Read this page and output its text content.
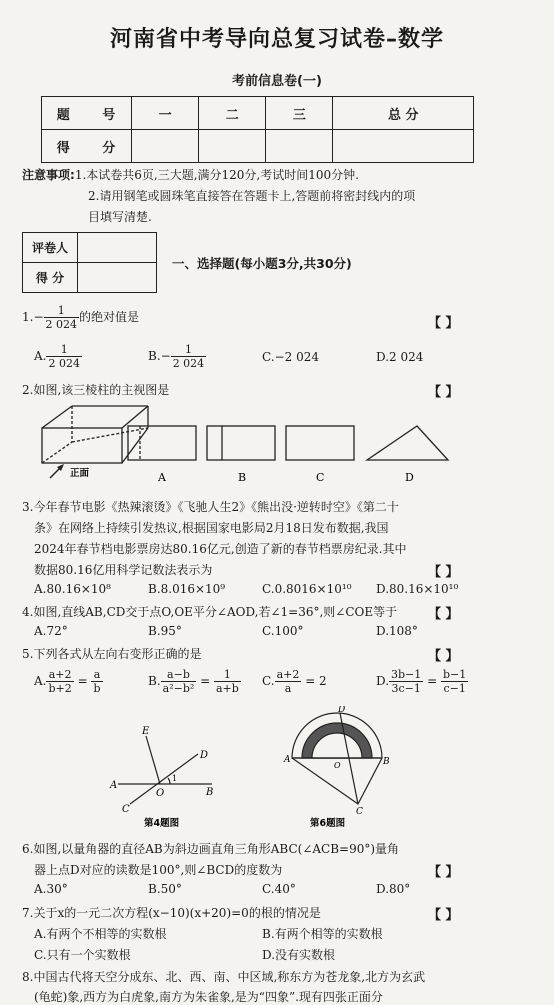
河南省中考导向总复习试卷–数学
考前信息卷(一)
题 号	一	二	三	总 分
得 分				
注意事项:1.本试卷共6页,三大题,满分120分,考试时间100分钟.
2.请用钢笔或圆珠笔直接答在答题卡上,答题前将密封线内的项
目填写清楚.
评卷人	
得 分	
一、选择题(每小题3分,共30分)
$1.- \frac{1}{2 024}$ 的绝对值是	【 】
A. $\frac{1}{2 024}$	$B.- \frac{1}{2 024}$	C.−2 024	D.2 024
2.如图,该三棱柱的主视图是	【 】
正面	A	B	C	D
3.今年春节电影《热辣滚烫》《飞驰人生2》《熊出没·逆转时空》《第二十
条》在网络上持续引发热议,根据国家电影局2月18日发布数据,我国
2024年春节档电影票房达80.16亿元,创造了新的春节档票房纪录.其中
数据80.16亿用科学记数法表示为	【 】
A.80.16×10⁸	B.8.016×10⁹	C.0.8016×10¹⁰ D.80.16×10¹⁰
4.如图,直线AB,CD交于点O,OE平分∠AOD,若∠1=36°,则∠COE等于 【 】
A.72°	B.95°	C.100°	D.108°
5.下列各式从左向右变形正确的是	【 】
A. $\frac{a+2}{b+2} = \frac{a}{b}$	B. $\frac{a-b}{\text{a²−b²}} = \frac{1}{a+b} C$. $\frac{a+2}{a} = 2$	D. $\frac{3b-1}{3c-1} = \frac{b-1}{c-1}$
E
D
A
O
1
B
C
第4题图
D
A
O	B
C
第6题图
6.如图,以量角器的直径AB为斜边画直角三角形ABC(∠ACB=90°)量角
器上点D对应的读数是100°,则∠BCD的度数为	【 】
A.30°	B.50°	C.40°	D.80°
7.关于x的一元二次方程(x−10)(x+20)=0的根的情况是	【 】
A.有两个不相等的实数根	B.有两个相等的实数根
C.只有一个实数根	D.没有实数根
8.中国古代将天空分成东、北、西、南、中区域,称东方为苍龙象,北方为玄武
(龟蛇)象,西方为白虎象,南方为朱雀象,是为“四象”.现有四张正面分
